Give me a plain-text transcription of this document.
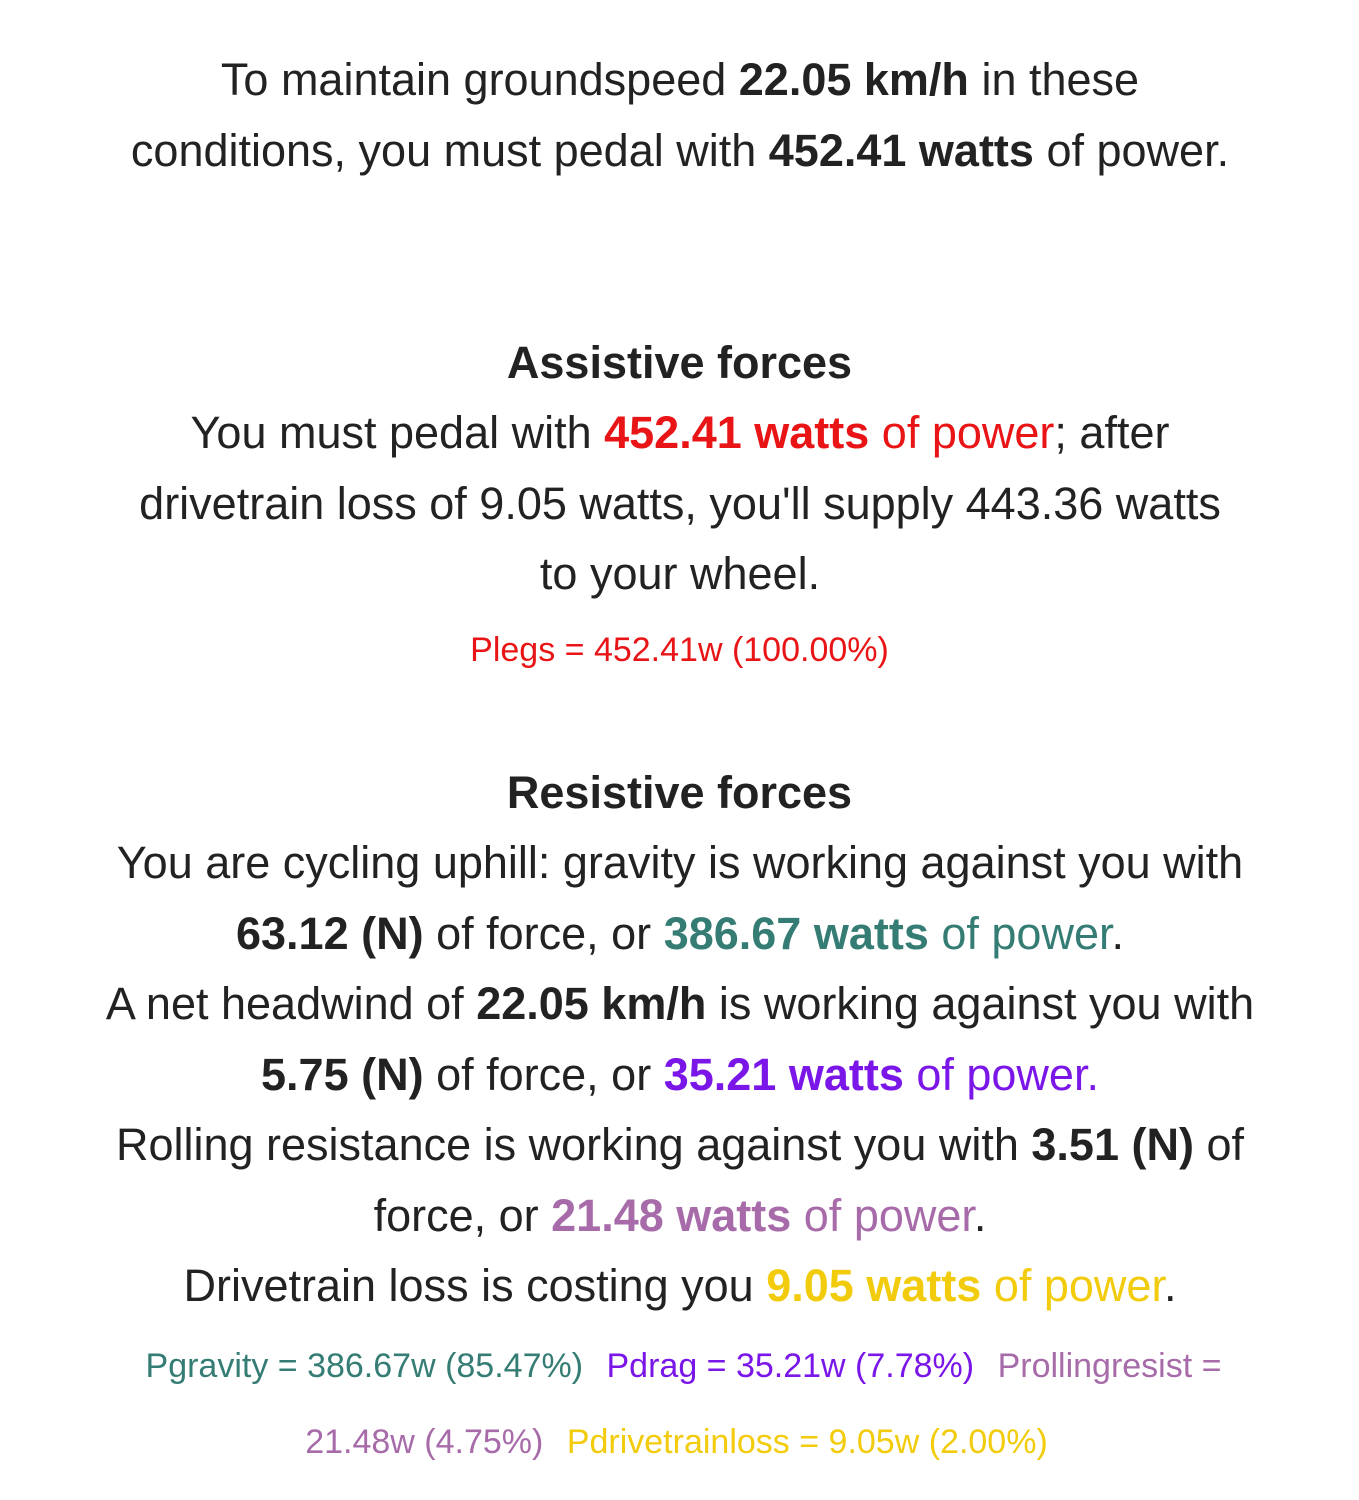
To maintain groundspeed 22.05 km/h in these conditions, you must pedal with 452.41 watts of power.

Assistive forces

You must pedal with 452.41 watts of power; after drivetrain loss of 9.05 watts, you'll supply 443.36 watts to your wheel.

Plegs = 452.41w (100.00%)
Resistive forces

You are cycling uphill: gravity is working against you with 63.12 (N) of force, or 386.67 watts of power.
A net headwind of 22.05 km/h is working against you with 5.75 (N) of force, or 35.21 watts of power.
Rolling resistance is working against you with 3.51 (N) of force, or 21.48 watts of power.
Drivetrain loss is costing you 9.05 watts of power.

Pgravity = 386.67w (85.47%) Pdrag = 35.21w (7.78%) Prollingresist = 21.48w (4.75%) Pdrivetrainloss = 9.05w (2.00%)
